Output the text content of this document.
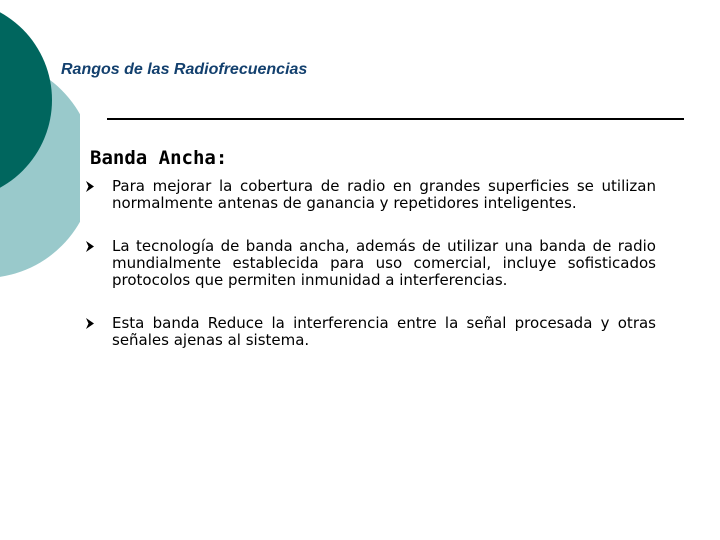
Rangos de las Radiofrecuencias
Banda Ancha:
Para mejorar la cobertura de radio en grandes superficies se utilizan normalmente antenas de ganancia y repetidores inteligentes.
La tecnología de banda ancha, además de utilizar una banda de radio mundialmente establecida para uso comercial, incluye sofisticados protocolos que permiten inmunidad a interferencias.
Esta banda Reduce la interferencia entre la señal procesada y otras señales ajenas al sistema.
